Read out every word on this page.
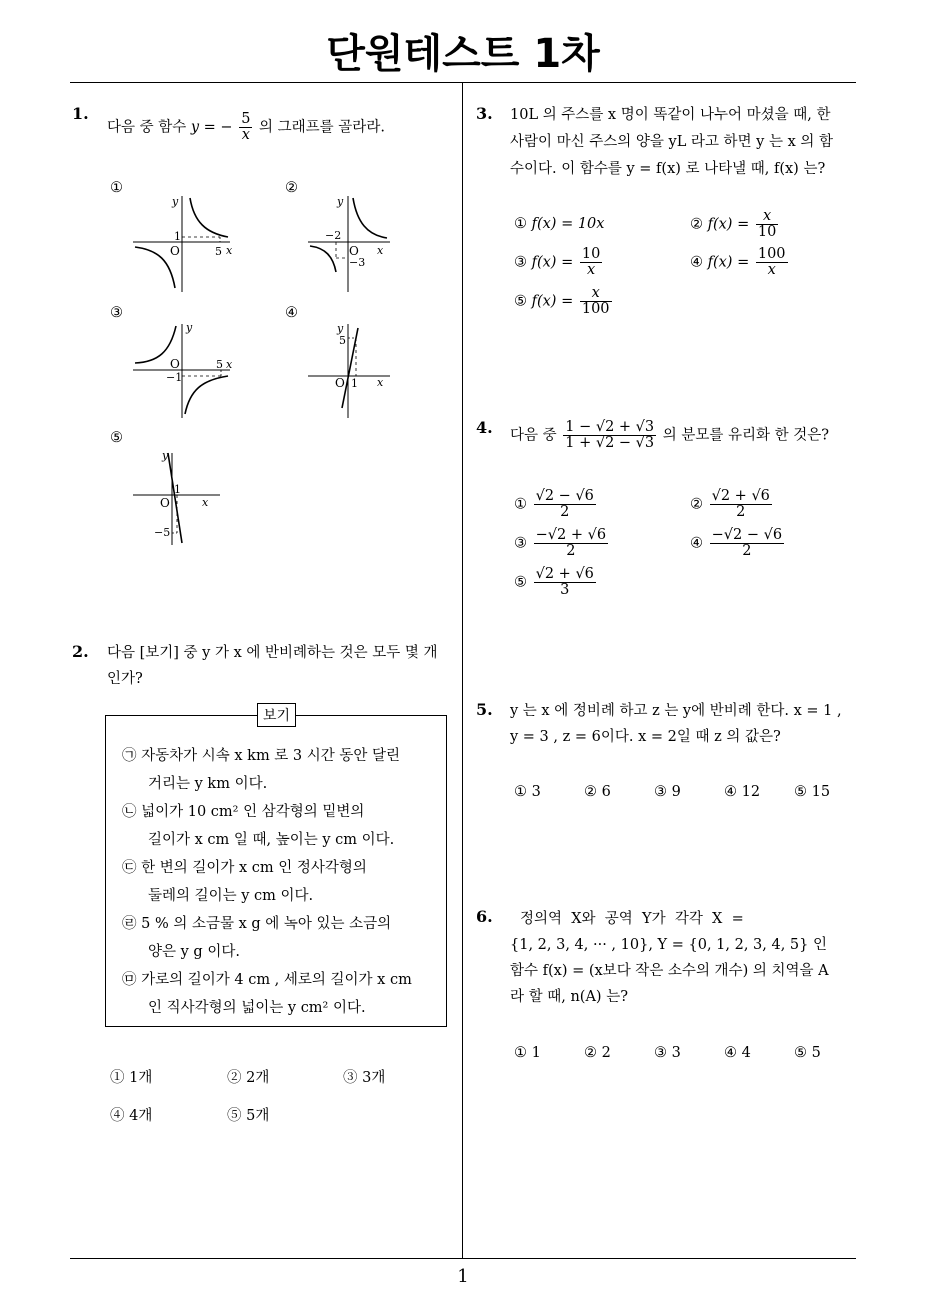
단원테스트 1차
1
1.
다음 중 함수 y = − $\frac{5}{x}$ 의 그래프를 골라라.
①	②
③	④
⑤
y
x
O
1
5
y
x
O
−2
−3
y
x
O
−1
5
y
x
O
5
1
y
x
O
1
−5
2. 다음 [보기] 중 y 가 x 에 반비례하는 것은 모두 몇 개
인가?
보기
㉠ 자동차가 시속 x km 로 3 시간 동안 달린
거리는 y km 이다.
㉡ 넓이가 10 cm² 인 삼각형의 밑변의
길이가 x cm 일 때, 높이는 y cm 이다.
㉢ 한 변의 길이가 x cm 인 정사각형의
둘레의 길이는 y cm 이다.
㉣ 5 % 의 소금물 x g 에 녹아 있는 소금의
양은 y g 이다.
㉤ 가로의 길이가 4 cm , 세로의 길이가 x cm
인 직사각형의 넓이는 y cm² 이다.
① 1개	② 2개	③ 3개
④ 4개	⑤ 5개
3. 10L 의 주스를 x 명이 똑같이 나누어 마셨을 때, 한
사람이 마신 주스의 양을 yL 라고 하면 y 는 x 의 함
수이다. 이 함수를 y = f(x) 로 나타낼 때, f(x) 는?
① f(x) = 10x	② $f(x) = \frac{x}{10}$
③ $f(x) = \frac{10}{x}$	④ $f(x) = \frac{100}{x}$
⑤ $f(x) = \frac{x}{100}$
4. 다음 중 $\frac{1 - √2 + √3}{1 + √2 - √3}$ 의 분모를 유리화 한 것은?
① $\frac{√2 - √6}{2}$	② $\frac{√2 + √6}{2}$
③ $\frac{-√2 + √6}{2}$	④ $\frac{-√2 - √6}{2}$
⑤ $\frac{√2 + √6}{3}$
5. y 는 x 에 정비례 하고 z 는 y에 반비례 한다. x = 1 ,
y = 3 , z = 6이다. x = 2일 때 z 의 값은?
① 3	② 6	③ 9	④ 12 ⑤ 15
6. 정의역  X와  공역  Y가  각각  X  =
{1, 2, 3, 4, ··· , 10}, Y = {0, 1, 2, 3, 4, 5} 인
함수 f(x) = (x보다 작은 소수의 개수) 의 치역을 A
라 할 때, n(A) 는?
① 1	② 2	③ 3	④ 4	⑤ 5
